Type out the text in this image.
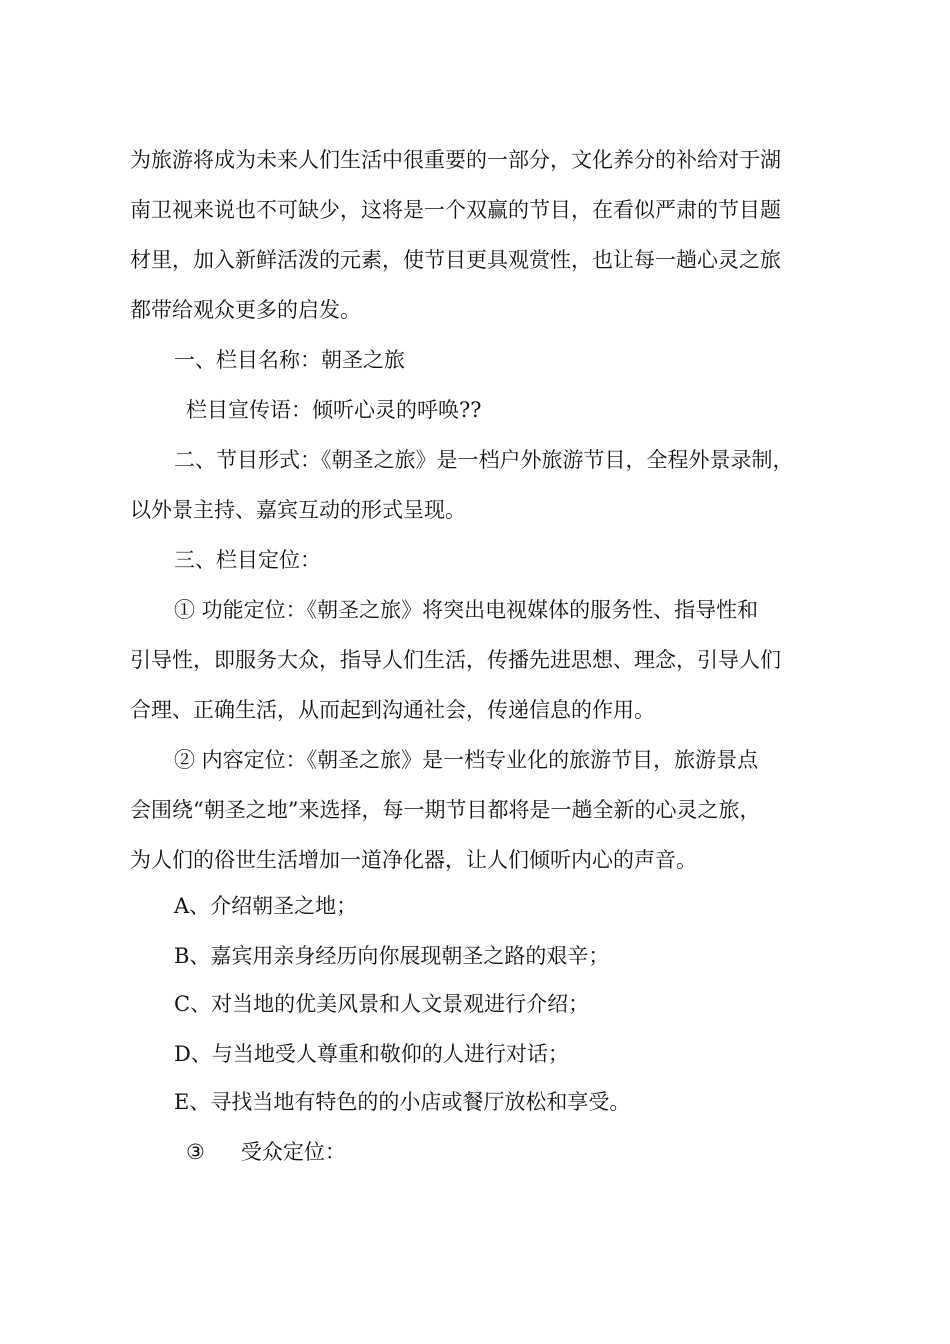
为旅游将成为未来人们生活中很重要的一部分，文化养分的补给对于湖
南卫视来说也不可缺少，这将是一个双赢的节目，在看似严肃的节目题
材里，加入新鲜活泼的元素，使节目更具观赏性，也让每一趟心灵之旅
都带给观众更多的启发。
一、栏目名称：朝圣之旅
栏目宣传语：倾听心灵的呼唤??
二、节目形式：《朝圣之旅》是一档户外旅游节目，全程外景录制，
以外景主持、嘉宾互动的形式呈现。
三、栏目定位：
① 功能定位：《朝圣之旅》将突出电视媒体的服务性、指导性和
引导性，即服务大众，指导人们生活，传播先进思想、理念，引导人们
合理、正确生活，从而起到沟通社会，传递信息的作用。
② 内容定位：《朝圣之旅》是一档专业化的旅游节目，旅游景点
会围绕“朝圣之地”来选择，每一期节目都将是一趟全新的心灵之旅，
为人们的俗世生活增加一道净化器，让人们倾听内心的声音。
A、介绍朝圣之地；
B、嘉宾用亲身经历向你展现朝圣之路的艰辛；
C、对当地的优美风景和人文景观进行介绍；
D、与当地受人尊重和敬仰的人进行对话；
E、寻找当地有特色的的小店或餐厅放松和享受。
③ 受众定位：
